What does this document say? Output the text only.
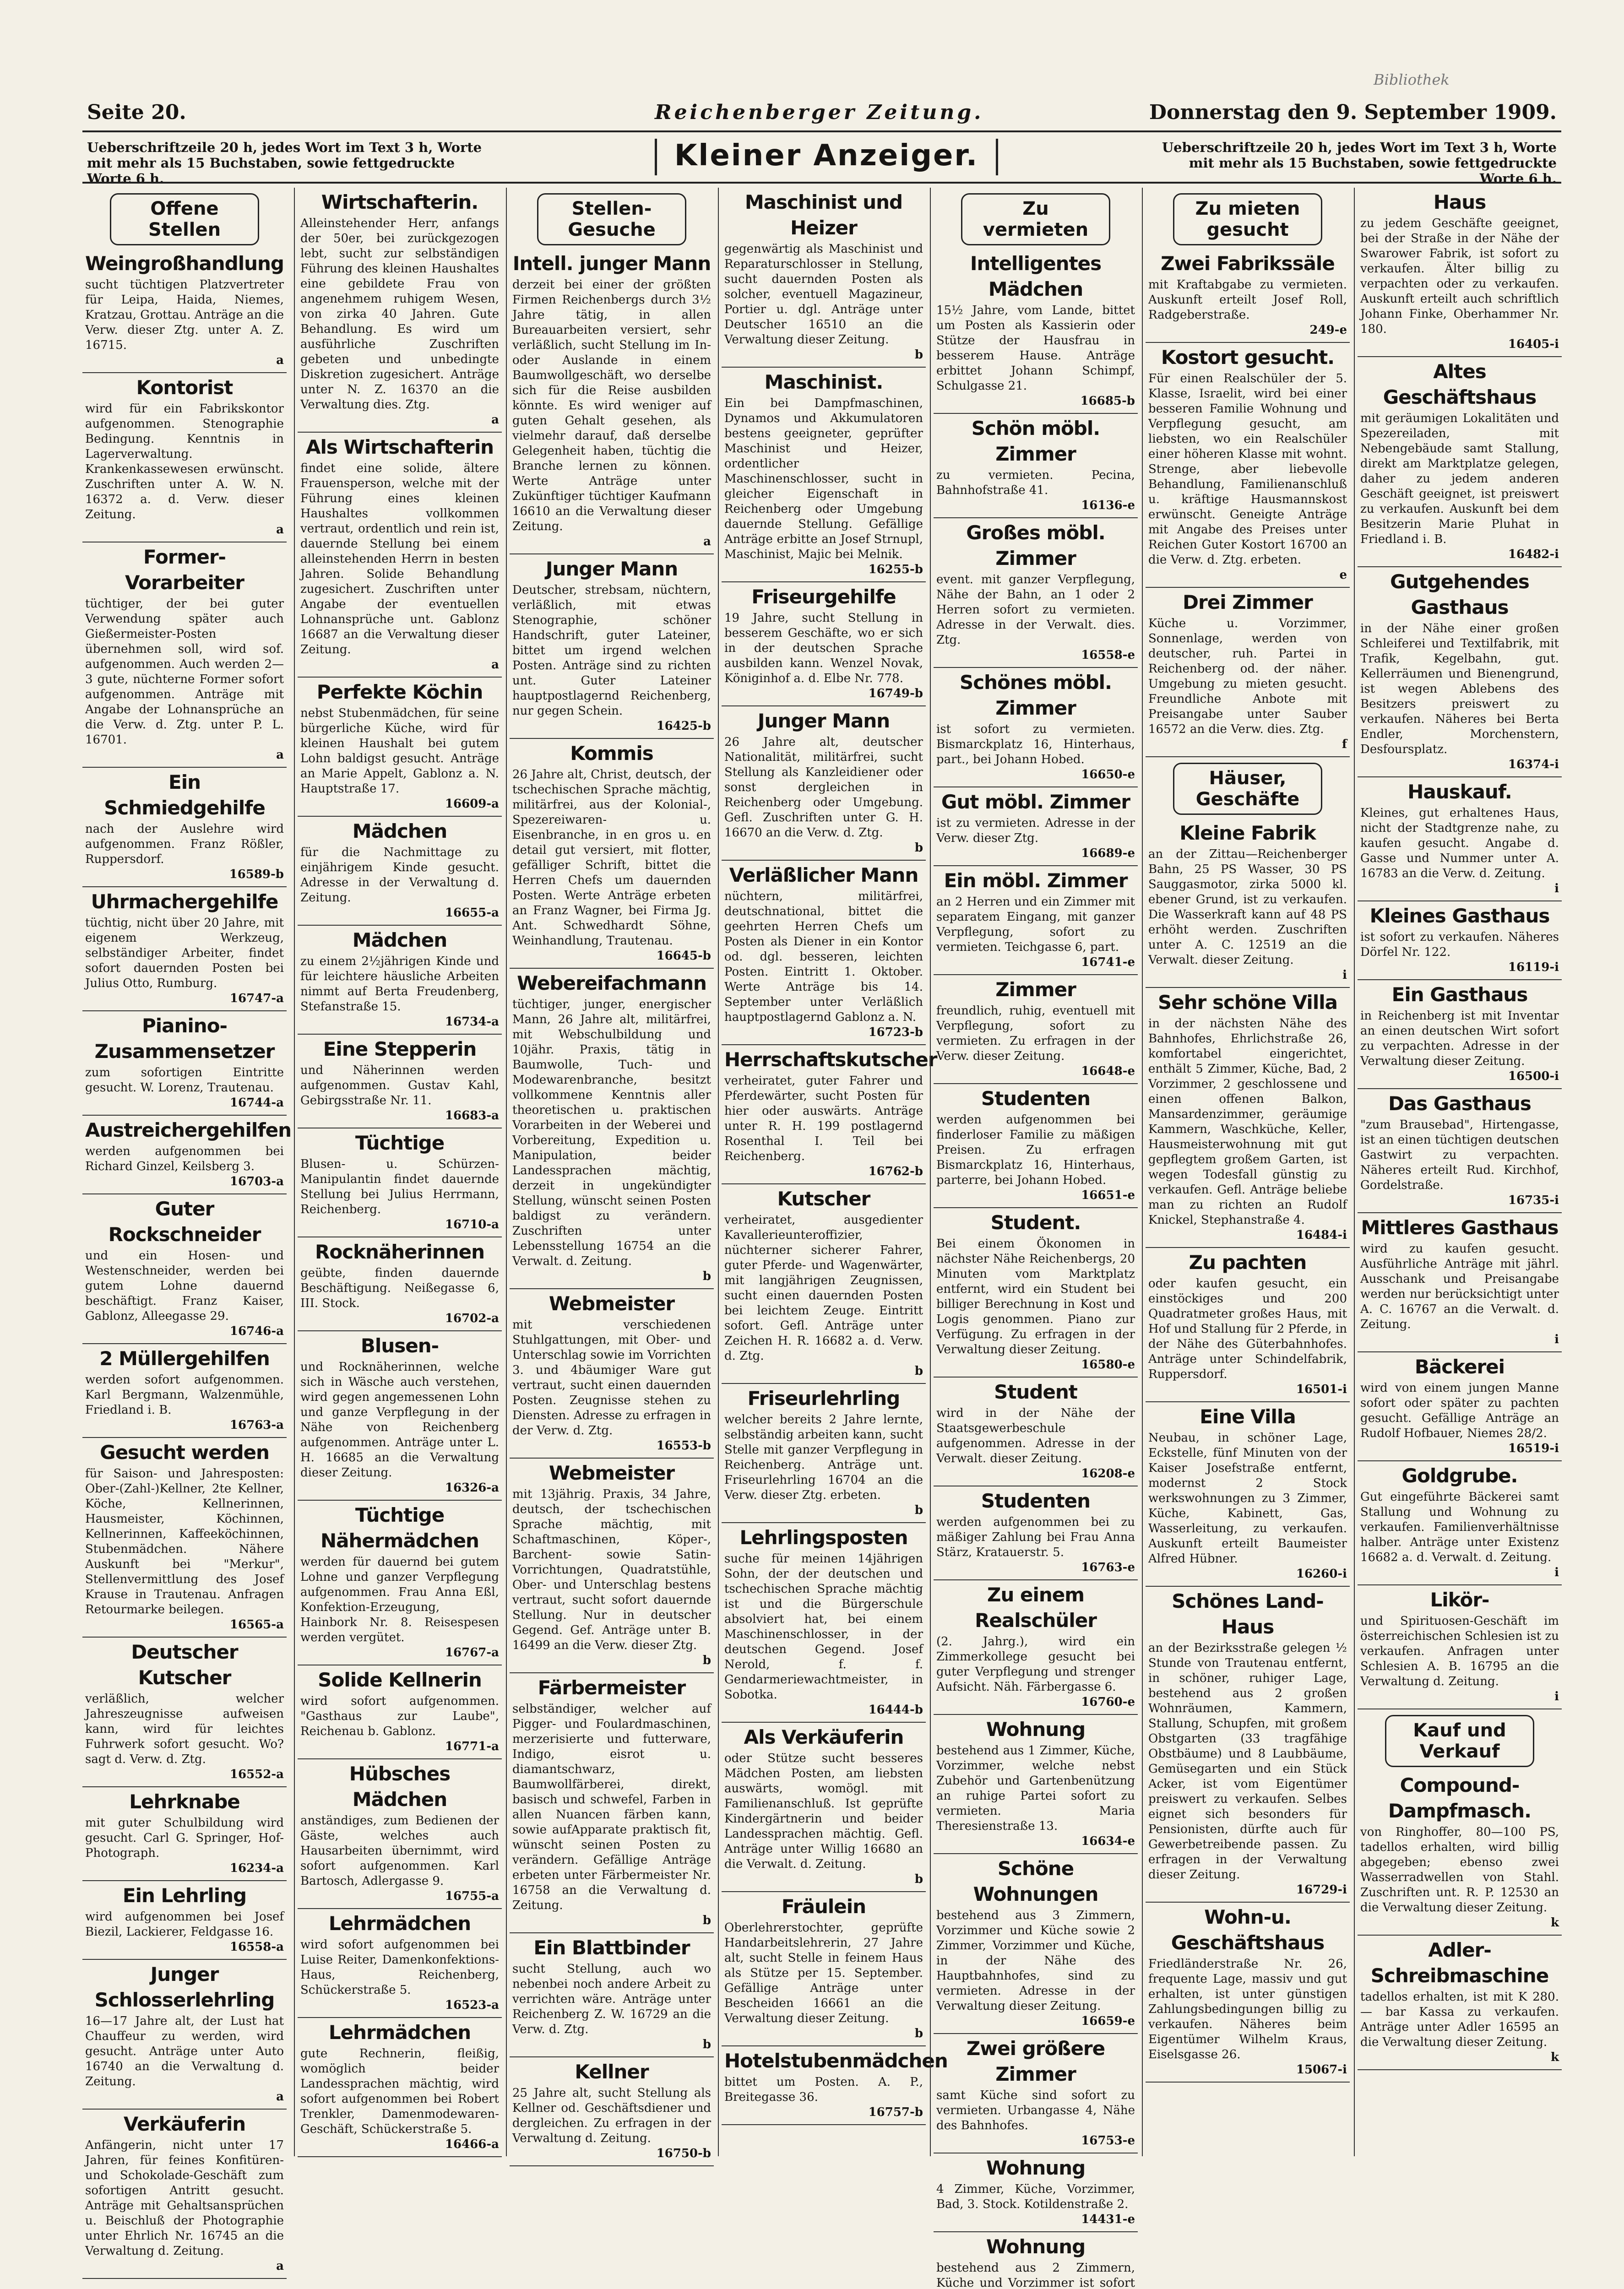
Bibliothek
Seite 20.	Reichenberger Zeitung.	Donnerstag den 9. September 1909.
Ueberschriftzeile 20 h, jedes Wort im Text 3 h, Worte mit mehr als 15 Buchstaben, sowie fettgedruckte Worte 6 h.
Kleiner Anzeiger.	Ueberschriftzeile 20 h, jedes Wort im Text 3 h, Worte mit mehr als 15 Buchstaben, sowie fettgedruckte Worte 6 h.
Offene Stellen
Weingroßhandlung
sucht tüchtigen Platzvertreter für Leipa, Haida, Niemes, Kratzau, Grottau. Anträge an die Verw. dieser Ztg. unter A. Z. 16715.
a
Kontorist
wird für ein Fabrikskontor aufgenommen. Stenographie Bedingung. Kenntnis in Lagerverwaltung. Krankenkassewesen erwünscht. Zuschriften unter A. W. N. 16372 a. d. Verw. dieser Zeitung.
a
Former-Vorarbeiter
tüchtiger, der bei guter Verwendung später auch Gießermeister-Posten übernehmen soll, wird sof. aufgenommen. Auch werden 2—3 gute, nüchterne Former sofort aufgenommen. Anträge mit Angabe der Lohnansprüche an die Verw. d. Ztg. unter P. L. 16701.
a
Ein Schmiedgehilfe
nach der Auslehre wird aufgenommen. Franz Rößler, Ruppersdorf.
16589-b
Uhrmachergehilfe
tüchtig, nicht über 20 Jahre, mit eigenem Werkzeug, selbständiger Arbeiter, findet sofort dauernden Posten bei Julius Otto, Rumburg.
16747-a
Pianino-Zusammensetzer
zum sofortigen Eintritte gesucht. W. Lorenz, Trautenau.
16744-a
Austreichergehilfen
werden aufgenommen bei Richard Ginzel, Keilsberg 3.
16703-a
Guter Rockschneider
und ein Hosen- und Westenschneider, werden bei gutem Lohne dauernd beschäftigt. Franz Kaiser, Gablonz, Alleegasse 29.
16746-a
2 Müllergehilfen
werden sofort aufgenommen. Karl Bergmann, Walzenmühle, Friedland i. B.
16763-a
Gesucht werden
für Saison- und Jahresposten: Ober-(Zahl-)Kellner, 2te Kellner, Köche, Kellnerinnen, Hausmeister, Köchinnen, Kellnerinnen, Kaffeeköchinnen, Stubenmädchen. Nähere Auskunft bei "Merkur", Stellenvermittlung des Josef Krause in Trautenau. Anfragen Retourmarke beilegen.
16565-a
Deutscher Kutscher
verläßlich, welcher Jahreszeugnisse aufweisen kann, wird für leichtes Fuhrwerk sofort gesucht. Wo? sagt d. Verw. d. Ztg.
16552-a
Lehrknabe
mit guter Schulbildung wird gesucht. Carl G. Springer, Hof-Photograph.
16234-a
Ein Lehrling
wird aufgenommen bei Josef Biezil, Lackierer, Feldgasse 16.
16558-a
Junger Schlosserlehrling
16—17 Jahre alt, der Lust hat Chauffeur zu werden, wird gesucht. Anträge unter Auto 16740 an die Verwaltung d. Zeitung.
a
Verkäuferin
Anfängerin, nicht unter 17 Jahren, für feines Konfitüren- und Schokolade-Geschäft zum sofortigen Antritt gesucht. Anträge mit Gehaltsansprüchen u. Beischluß der Photographie unter Ehrlich Nr. 16745 an die Verwaltung d. Zeitung.
a
Wirtschafterin.
Alleinstehender Herr, anfangs der 50er, bei zurückgezogen lebt, sucht zur selbständigen Führung des kleinen Haushaltes eine gebildete Frau von angenehmem ruhigem Wesen, von zirka 40 Jahren. Gute Behandlung. Es wird um ausführliche Zuschriften gebeten und unbedingte Diskretion zugesichert. Anträge unter N. Z. 16370 an die Verwaltung dies. Ztg.
a
Als Wirtschafterin
findet eine solide, ältere Frauensperson, welche mit der Führung eines kleinen Haushaltes vollkommen vertraut, ordentlich und rein ist, dauernde Stellung bei einem alleinstehenden Herrn in besten Jahren. Solide Behandlung zugesichert. Zuschriften unter Angabe der eventuellen Lohnansprüche unt. Gablonz 16687 an die Verwaltung dieser Zeitung.
a
Perfekte Köchin
nebst Stubenmädchen, für seine bürgerliche Küche, wird für kleinen Haushalt bei gutem Lohn baldigst gesucht. Anträge an Marie Appelt, Gablonz a. N. Hauptstraße 17.
16609-a
Mädchen
für die Nachmittage zu einjährigem Kinde gesucht. Adresse in der Verwaltung d. Zeitung.
16655-a
Mädchen
zu einem 2½jährigen Kinde und für leichtere häusliche Arbeiten nimmt auf Berta Freudenberg, Stefanstraße 15.
16734-a
Eine Stepperin
und Näherinnen werden aufgenommen. Gustav Kahl, Gebirgsstraße Nr. 11.
16683-a
Tüchtige
Blusen- u. Schürzen-Manipulantin findet dauernde Stellung bei Julius Herrmann, Reichenberg.
16710-a
Rocknäherinnen
geübte, finden dauernde Beschäftigung. Neißegasse 6, III. Stock.
16702-a
Blusen-
und Rocknäherinnen, welche sich in Wäsche auch verstehen, wird gegen angemessenen Lohn und ganze Verpflegung in der Nähe von Reichenberg aufgenommen. Anträge unter L. H. 16685 an die Verwaltung dieser Zeitung.
16326-a
Tüchtige Nähermädchen
werden für dauernd bei gutem Lohne und ganzer Verpflegung aufgenommen. Frau Anna Eßl, Konfektion-Erzeugung, Hainbork Nr. 8. Reisespesen werden vergütet.
16767-a
Solide Kellnerin
wird sofort aufgenommen. "Gasthaus zur Laube", Reichenau b. Gablonz.
16771-a
Hübsches Mädchen
anständiges, zum Bedienen der Gäste, welches auch Hausarbeiten übernimmt, wird sofort aufgenommen. Karl Bartosch, Adlergasse 9.
16755-a
Lehrmädchen
wird sofort aufgenommen bei Luise Reiter, Damenkonfektions-Haus, Reichenberg, Schückerstraße 5.
16523-a
Lehrmädchen
gute Rechnerin, fleißig, womöglich beider Landessprachen mächtig, wird sofort aufgenommen bei Robert Trenkler, Damenmodewaren-Geschäft, Schückerstraße 5.
16466-a
Stellen-Gesuche
Intell. junger Mann
derzeit bei einer der größten Firmen Reichenbergs durch 3½ Jahre tätig, in allen Bureauarbeiten versiert, sehr verläßlich, sucht Stellung im In- oder Auslande in einem Baumwollgeschäft, wo derselbe sich für die Reise ausbilden könnte. Es wird weniger auf guten Gehalt gesehen, als vielmehr darauf, daß derselbe Gelegenheit haben, tüchtig die Branche lernen zu können. Werte Anträge unter Zukünftiger tüchtiger Kaufmann 16610 an die Verwaltung dieser Zeitung.
a
Junger Mann
Deutscher, strebsam, nüchtern, verläßlich, mit etwas Stenographie, schöner Handschrift, guter Lateiner, bittet um irgend welchen Posten. Anträge sind zu richten unt. Guter Lateiner hauptpostlagernd Reichenberg, nur gegen Schein.
16425-b
Kommis
26 Jahre alt, Christ, deutsch, der tschechischen Sprache mächtig, militärfrei, aus der Kolonial-, Spezereiwaren- u. Eisenbranche, in en gros u. en detail gut versiert, mit flotter, gefälliger Schrift, bittet die Herren Chefs um dauernden Posten. Werte Anträge erbeten an Franz Wagner, bei Firma Jg. Ant. Schwedhardt Söhne, Weinhandlung, Trautenau.
16645-b
Webereifachmann
tüchtiger, junger, energischer Mann, 26 Jahre alt, militärfrei, mit Webschulbildung und 10jähr. Praxis, tätig in Baumwolle, Tuch- und Modewarenbranche, besitzt vollkommene Kenntnis aller theoretischen u. praktischen Vorarbeiten in der Weberei und Vorbereitung, Expedition u. Manipulation, beider Landessprachen mächtig, derzeit in ungekündigter Stellung, wünscht seinen Posten baldigst zu verändern. Zuschriften unter Lebensstellung 16754 an die Verwalt. d. Zeitung.
b
Webmeister
mit verschiedenen Stuhlgattungen, mit Ober- und Unterschlag sowie im Vorrichten 3. und 4bäumiger Ware gut vertraut, sucht einen dauernden Posten. Zeugnisse stehen zu Diensten. Adresse zu erfragen in der Verw. d. Ztg.
16553-b
Webmeister
mit 13jährig. Praxis, 34 Jahre, deutsch, der tschechischen Sprache mächtig, mit Schaftmaschinen, Köper-, Barchent- sowie Satin-Vorrichtungen, Quadratstühle, Ober- und Unterschlag bestens vertraut, sucht sofort dauernde Stellung. Nur in deutscher Gegend. Gef. Anträge unter B. 16499 an die Verw. dieser Ztg.
b
Färbermeister
selbständiger, welcher auf Pigger- und Foulardmaschinen, merzerisierte und futterware, Indigo, eisrot u. diamantschwarz, Baumwollfärberei, direkt, basisch und schwefel, Farben in allen Nuancen färben kann, sowie aufApparate praktisch fit, wünscht seinen Posten zu verändern. Gefällige Anträge erbeten unter Färbermeister Nr. 16758 an die Verwaltung d. Zeitung.
b
Ein Blattbinder
sucht Stellung, auch wo nebenbei noch andere Arbeit zu verrichten wäre. Anträge unter Reichenberg Z. W. 16729 an die Verw. d. Ztg.
b
Kellner
25 Jahre alt, sucht Stellung als Kellner od. Geschäftsdiener und dergleichen. Zu erfragen in der Verwaltung d. Zeitung.
16750-b
Maschinist und Heizer
gegenwärtig als Maschinist und Reparaturschlosser in Stellung, sucht dauernden Posten als solcher, eventuell Magazineur, Portier u. dgl. Anträge unter Deutscher 16510 an die Verwaltung dieser Zeitung.
b
Maschinist.
Ein bei Dampfmaschinen, Dynamos und Akkumulatoren bestens geeigneter, geprüfter Maschinist und Heizer, ordentlicher Maschinenschlosser, sucht in gleicher Eigenschaft in Reichenberg oder Umgebung dauernde Stellung. Gefällige Anträge erbitte an Josef Strnupl, Maschinist, Majic bei Melnik.
16255-b
Friseurgehilfe
19 Jahre, sucht Stellung in besserem Geschäfte, wo er sich in der deutschen Sprache ausbilden kann. Wenzel Novak, Königinhof a. d. Elbe Nr. 778.
16749-b
Junger Mann
26 Jahre alt, deutscher Nationalität, militärfrei, sucht Stellung als Kanzleidiener oder sonst dergleichen in Reichenberg oder Umgebung. Gefl. Zuschriften unter G. H. 16670 an die Verw. d. Ztg.
b
Verläßlicher Mann
nüchtern, militärfrei, deutschnational, bittet die geehrten Herren Chefs um Posten als Diener in ein Kontor od. dgl. besseren, leichten Posten. Eintritt 1. Oktober. Werte Anträge bis 14. September unter Verläßlich hauptpostlagernd Gablonz a. N.
16723-b
Herrschaftskutscher
verheiratet, guter Fahrer und Pferdewärter, sucht Posten für hier oder auswärts. Anträge unter R. H. 199 postlagernd Rosenthal I. Teil bei Reichenberg.
16762-b
Kutscher
verheiratet, ausgedienter Kavallerieunteroffizier, nüchterner sicherer Fahrer, guter Pferde- und Wagenwärter, mit langjährigen Zeugnissen, sucht einen dauernden Posten bei leichtem Zeuge. Eintritt sofort. Gefl. Anträge unter Zeichen H. R. 16682 a. d. Verw. d. Ztg.
b
Friseurlehrling
welcher bereits 2 Jahre lernte, selbständig arbeiten kann, sucht Stelle mit ganzer Verpflegung in Reichenberg. Anträge unt. Friseurlehrling 16704 an die Verw. dieser Ztg. erbeten.
b
Lehrlingsposten
suche für meinen 14jährigen Sohn, der der deutschen und tschechischen Sprache mächtig ist und die Bürgerschule absolviert hat, bei einem Maschinenschlosser, in der deutschen Gegend. Josef Nerold, f. f. Gendarmeriewachtmeister, in Sobotka.
16444-b
Als Verkäuferin
oder Stütze sucht besseres Mädchen Posten, am liebsten auswärts, womögl. mit Familienanschluß. Ist geprüfte Kindergärtnerin und beider Landessprachen mächtig. Gefl. Anträge unter Willig 16680 an die Verwalt. d. Zeitung.
b
Fräulein
Oberlehrerstochter, geprüfte Handarbeitslehrerin, 27 Jahre alt, sucht Stelle in feinem Haus als Stütze per 15. September. Gefällige Anträge unter Bescheiden 16661 an die Verwaltung dieser Zeitung.
b
Hotelstubenmädchen
bittet um Posten. A. P., Breitegasse 36.
16757-b
Zu vermieten
Intelligentes Mädchen
15½ Jahre, vom Lande, bittet um Posten als Kassierin oder Stütze der Hausfrau in besserem Hause. Anträge erbittet Johann Schimpf, Schulgasse 21.
16685-b
Schön möbl. Zimmer
zu vermieten. Pecina, Bahnhofstraße 41.
16136-e
Großes möbl. Zimmer
event. mit ganzer Verpflegung, Nähe der Bahn, an 1 oder 2 Herren sofort zu vermieten. Adresse in der Verwalt. dies. Ztg.
16558-e
Schönes möbl. Zimmer
ist sofort zu vermieten. Bismarckplatz 16, Hinterhaus, part., bei Johann Hobed.
16650-e
Gut möbl. Zimmer
ist zu vermieten. Adresse in der Verw. dieser Ztg.
16689-e
Ein möbl. Zimmer
an 2 Herren und ein Zimmer mit separatem Eingang, mit ganzer Verpflegung, sofort zu vermieten. Teichgasse 6, part.
16741-e
Zimmer
freundlich, ruhig, eventuell mit Verpflegung, sofort zu vermieten. Zu erfragen in der Verw. dieser Zeitung.
16648-e
Studenten
werden aufgenommen bei finderloser Familie zu mäßigen Preisen. Zu erfragen Bismarckplatz 16, Hinterhaus, parterre, bei Johann Hobed.
16651-e
Student.
Bei einem Ökonomen in nächster Nähe Reichenbergs, 20 Minuten vom Marktplatz entfernt, wird ein Student bei billiger Berechnung in Kost und Logis genommen. Piano zur Verfügung. Zu erfragen in der Verwaltung dieser Zeitung.
16580-e
Student
wird in der Nähe der Staatsgewerbeschule aufgenommen. Adresse in der Verwalt. dieser Zeitung.
16208-e
Studenten
werden aufgenommen bei zu mäßiger Zahlung bei Frau Anna Stärz, Kratauerstr. 5.
16763-e
Zu einem Realschüler
(2. Jahrg.), wird ein Zimmerkollege gesucht bei guter Verpflegung und strenger Aufsicht. Näh. Färbergasse 6.
16760-e
Wohnung
bestehend aus 1 Zimmer, Küche, Vorzimmer, welche nebst Zubehör und Gartenbenützung an ruhige Partei sofort zu vermieten. Maria Theresienstraße 13.
16634-e
Schöne Wohnungen
bestehend aus 3 Zimmern, Vorzimmer und Küche sowie 2 Zimmer, Vorzimmer und Küche, in der Nähe des Hauptbahnhofes, sind zu vermieten. Adresse in der Verwaltung dieser Zeitung.
16659-e
Zwei größere Zimmer
samt Küche sind sofort zu vermieten. Urbangasse 4, Nähe des Bahnhofes.
16753-e
Wohnung
4 Zimmer, Küche, Vorzimmer, Bad, 3. Stock. Kotildenstraße 2.
14431-e
Wohnung
bestehend aus 2 Zimmern, Küche und Vorzimmer ist sofort
Zu mieten gesucht
Zwei Fabrikssäle
mit Kraftabgabe zu vermieten. Auskunft erteilt Josef Roll, Radgeberstraße.
249-e
Kostort gesucht.
Für einen Realschüler der 5. Klasse, Israelit, wird bei einer besseren Familie Wohnung und Verpflegung gesucht, am liebsten, wo ein Realschüler einer höheren Klasse mit wohnt. Strenge, aber liebevolle Behandlung, Familienanschluß u. kräftige Hausmannskost erwünscht. Geneigte Anträge mit Angabe des Preises unter Reichen Guter Kostort 16700 an die Verw. d. Ztg. erbeten.
e
Drei Zimmer
Küche u. Vorzimmer, Sonnenlage, werden von deutscher, ruh. Partei in Reichenberg od. der näher. Umgebung zu mieten gesucht. Freundliche Anbote mit Preisangabe unter Sauber 16572 an die Verw. dies. Ztg.
f
Häuser, Geschäfte
Kleine Fabrik
an der Zittau—Reichenberger Bahn, 25 PS Wasser, 30 PS Sauggasmotor, zirka 5000 kl. ebener Grund, ist zu verkaufen. Die Wasserkraft kann auf 48 PS erhöht werden. Zuschriften unter A. C. 12519 an die Verwalt. dieser Zeitung.
i
Sehr schöne Villa
in der nächsten Nähe des Bahnhofes, Ehrlichstraße 26, komfortabel eingerichtet, enthält 5 Zimmer, Küche, Bad, 2 Vorzimmer, 2 geschlossene und einen offenen Balkon, Mansardenzimmer, geräumige Kammern, Waschküche, Keller, Hausmeisterwohnung mit gut gepflegtem großem Garten, ist wegen Todesfall günstig zu verkaufen. Gefl. Anträge beliebe man zu richten an Rudolf Knickel, Stephanstraße 4.
16484-i
Zu pachten
oder kaufen gesucht, ein einstöckiges und 200 Quadratmeter großes Haus, mit Hof und Stallung für 2 Pferde, in der Nähe des Güterbahnhofes. Anträge unter Schindelfabrik, Ruppersdorf.
16501-i
Eine Villa
Neubau, in schöner Lage, Eckstelle, fünf Minuten von der Kaiser Josefstraße entfernt, modernst 2 Stock werkswohnungen zu 3 Zimmer, Küche, Kabinett, Gas, Wasserleitung, zu verkaufen. Auskunft erteilt Baumeister Alfred Hübner.
16260-i
Schönes Land-Haus
an der Bezirksstraße gelegen ½ Stunde von Trautenau entfernt, in schöner, ruhiger Lage, bestehend aus 2 großen Wohnräumen, Kammern, Stallung, Schupfen, mit großem Obstgarten (33 tragfähige Obstbäume) und 8 Laubbäume, Gemüsegarten und ein Stück Acker, ist vom Eigentümer preiswert zu verkaufen. Selbes eignet sich besonders für Pensionisten, dürfte auch für Gewerbetreibende passen. Zu erfragen in der Verwaltung dieser Zeitung.
16729-i
Wohn-u. Geschäftshaus
Friedländerstraße Nr. 26, frequente Lage, massiv und gut erhalten, ist unter günstigen Zahlungsbedingungen billig zu verkaufen. Näheres beim Eigentümer Wilhelm Kraus, Eiselsgasse 26.
15067-i
Haus
zu jedem Geschäfte geeignet, bei der Straße in der Nähe der Swarower Fabrik, ist sofort zu verkaufen. Älter billig zu verpachten oder zu verkaufen. Auskunft erteilt auch schriftlich Johann Finke, Oberhammer Nr. 180.
16405-i
Altes Geschäftshaus
mit geräumigen Lokalitäten und Spezereiladen, mit Nebengebäude samt Stallung, direkt am Marktplatze gelegen, daher zu jedem anderen Geschäft geeignet, ist preiswert zu verkaufen. Auskunft bei dem Besitzerin Marie Pluhat in Friedland i. B.
16482-i
Gutgehendes Gasthaus
in der Nähe einer großen Schleiferei und Textilfabrik, mit Trafik, Kegelbahn, gut. Kellerräumen und Bienengrund, ist wegen Ablebens des Besitzers preiswert zu verkaufen. Näheres bei Berta Endler, Morchenstern, Desfoursplatz.
16374-i
Hauskauf.
Kleines, gut erhaltenes Haus, nicht der Stadtgrenze nahe, zu kaufen gesucht. Angabe d. Gasse und Nummer unter A. 16783 an die Verw. d. Zeitung.
i
Kleines Gasthaus
ist sofort zu verkaufen. Näheres Dörfel Nr. 122.
16119-i
Ein Gasthaus
in Reichenberg ist mit Inventar an einen deutschen Wirt sofort zu verpachten. Adresse in der Verwaltung dieser Zeitung.
16500-i
Das Gasthaus
"zum Brausebad", Hirtengasse, ist an einen tüchtigen deutschen Gastwirt zu verpachten. Näheres erteilt Rud. Kirchhof, Gordelstraße.
16735-i
Mittleres Gasthaus
wird zu kaufen gesucht. Ausführliche Anträge mit jährl. Ausschank und Preisangabe werden nur berücksichtigt unter A. C. 16767 an die Verwalt. d. Zeitung.
i
Bäckerei
wird von einem jungen Manne sofort oder später zu pachten gesucht. Gefällige Anträge an Rudolf Hofbauer, Niemes 28/2.
16519-i
Goldgrube.
Gut eingeführte Bäckerei samt Stallung und Wohnung zu verkaufen. Familienverhältnisse halber. Anträge unter Existenz 16682 a. d. Verwalt. d. Zeitung.
i
Likör-
und Spirituosen-Geschäft im österreichischen Schlesien ist zu verkaufen. Anfragen unter Schlesien A. B. 16795 an die Verwaltung d. Zeitung.
i
Kauf und Verkauf
Compound-Dampfmasch.
von Ringhoffer, 80—100 PS, tadellos erhalten, wird billig abgegeben; ebenso zwei Wasserradwellen von Stahl. Zuschriften unt. R. P. 12530 an die Verwaltung dieser Zeitung.
k
Adler-Schreibmaschine
tadellos erhalten, ist mit K 280.— bar Kassa zu verkaufen. Anträge unter Adler 16595 an die Verwaltung dieser Zeitung.
k
